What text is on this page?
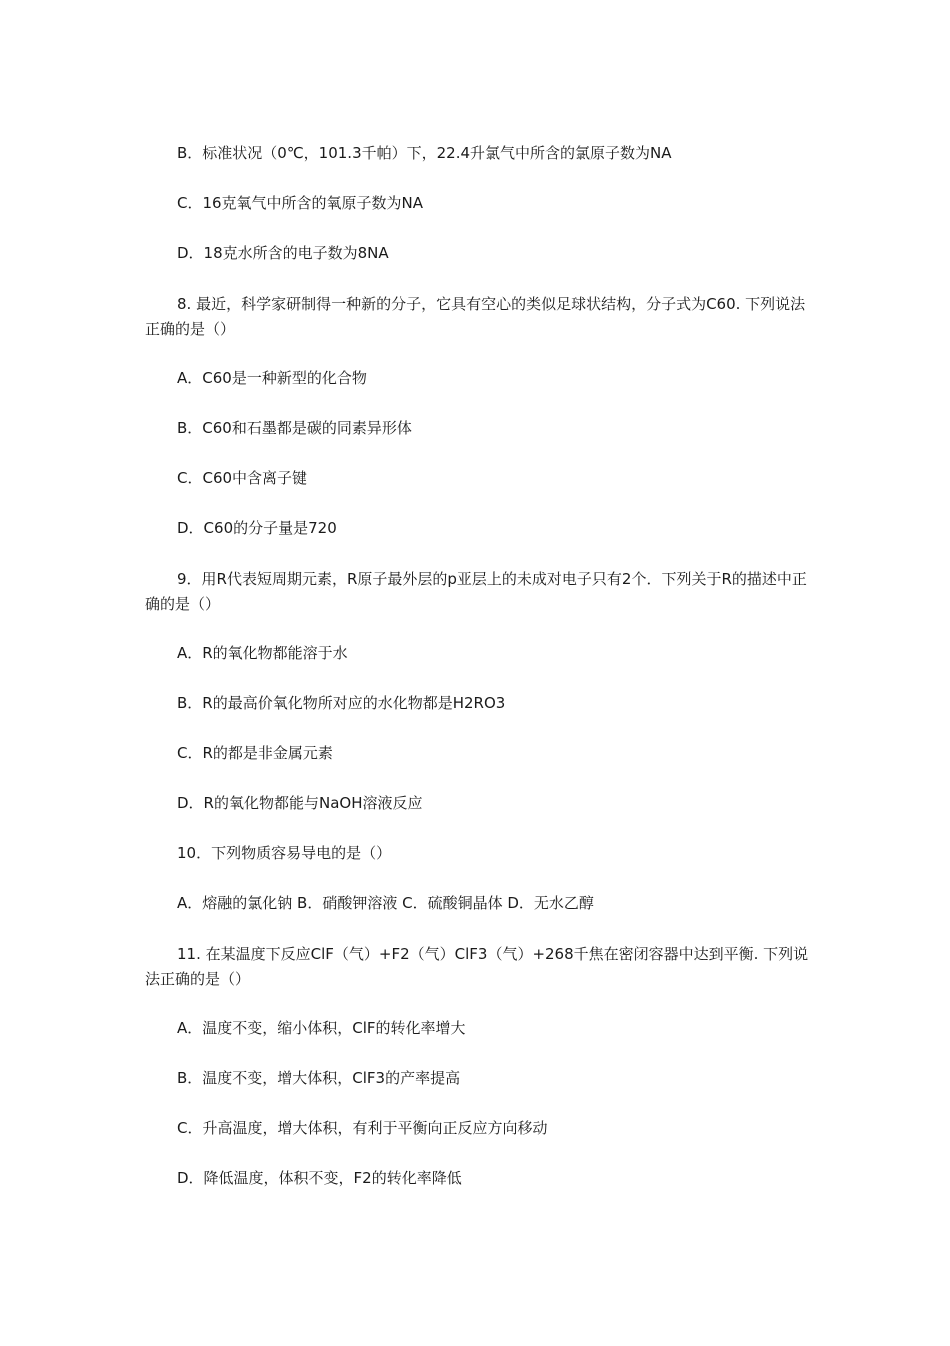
B．标准状况（0℃，101.3千帕）下，22.4升氯气中所含的氯原子数为NA
C．16克氧气中所含的氧原子数为NA
D．18克水所含的电子数为8NA
8. 最近，科学家研制得一种新的分子，它具有空心的类似足球状结构，分子式为C60. 下列说法正确的是（）
A．C60是一种新型的化合物
B．C60和石墨都是碳的同素异形体
C．C60中含离子键
D．C60的分子量是720
9．用R代表短周期元素，R原子最外层的p亚层上的未成对电子只有2个．下列关于R的描述中正确的是（）
A．R的氧化物都能溶于水
B．R的最高价氧化物所对应的水化物都是H2RO3
C．R的都是非金属元素
D．R的氧化物都能与NaOH溶液反应
10．下列物质容易导电的是（）
A．熔融的氯化钠 B．硝酸钾溶液 C．硫酸铜晶体 D．无水乙醇
11. 在某温度下反应ClF（气）+F2（气）ClF3（气）+268千焦在密闭容器中达到平衡. 下列说法正确的是（）
A．温度不变，缩小体积，ClF的转化率增大
B．温度不变，增大体积，ClF3的产率提高
C．升高温度，增大体积，有利于平衡向正反应方向移动
D．降低温度，体积不变，F2的转化率降低
